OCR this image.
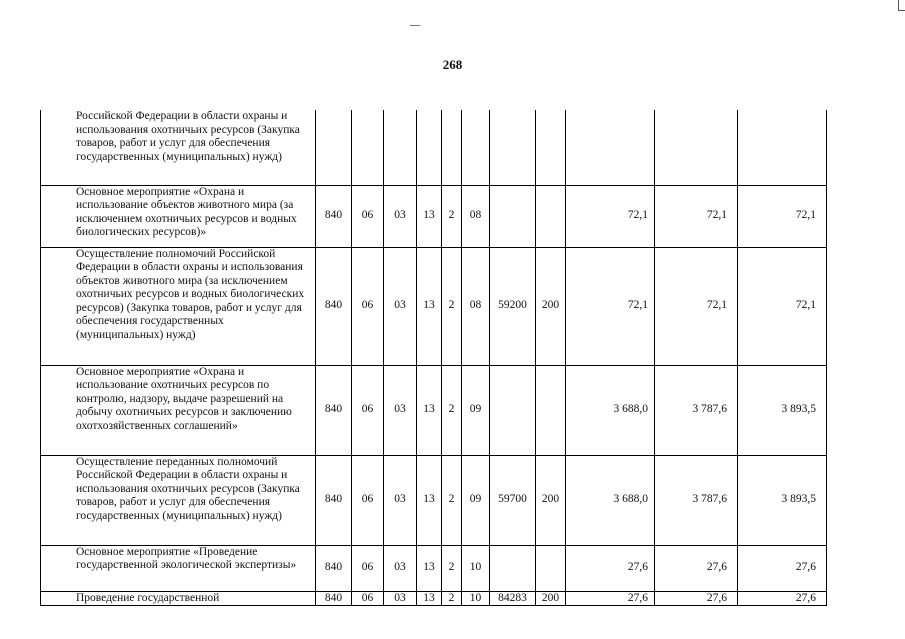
268
Российской Федерации в области охраны и использования охотничьих ресурсов (Закупка товаров, работ и услуг для обеспечения государственных (муниципальных) нужд)											
Основное мероприятие «Охрана и использование объектов животного мира (за исключением охотничьих ресурсов и водных биологических ресурсов)»	840	06	03	13	2	08			72,1	72,1	72,1
Осуществление полномочий Российской Федерации в области охраны и использования объектов животного мира (за исключением охотничьих ресурсов и водных биологических ресурсов) (Закупка товаров, работ и услуг для обеспечения государственных (муниципальных) нужд)	840	06	03	13	2	08	59200	200	72,1	72,1	72,1
Основное мероприятие «Охрана и использование охотничьих ресурсов по контролю, надзору, выдаче разрешений на добычу охотничьих ресурсов и заключению охотхозяйственных соглашений»	840	06	03	13	2	09			3 688,0	3 787,6	3 893,5
Осуществление переданных полномочий Российской Федерации в области охраны и использования охотничьих ресурсов (Закупка товаров, работ и услуг для обеспечения государственных (муниципальных) нужд)	840	06	03	13	2	09	59700	200	3 688,0	3 787,6	3 893,5
Основное мероприятие «Проведение государственной экологической экспертизы»	840	06	03	13	2	10			27,6	27,6	27,6
Проведение государственной	840	06	03	13	2	10	84283	200	27,6	27,6	27,6
